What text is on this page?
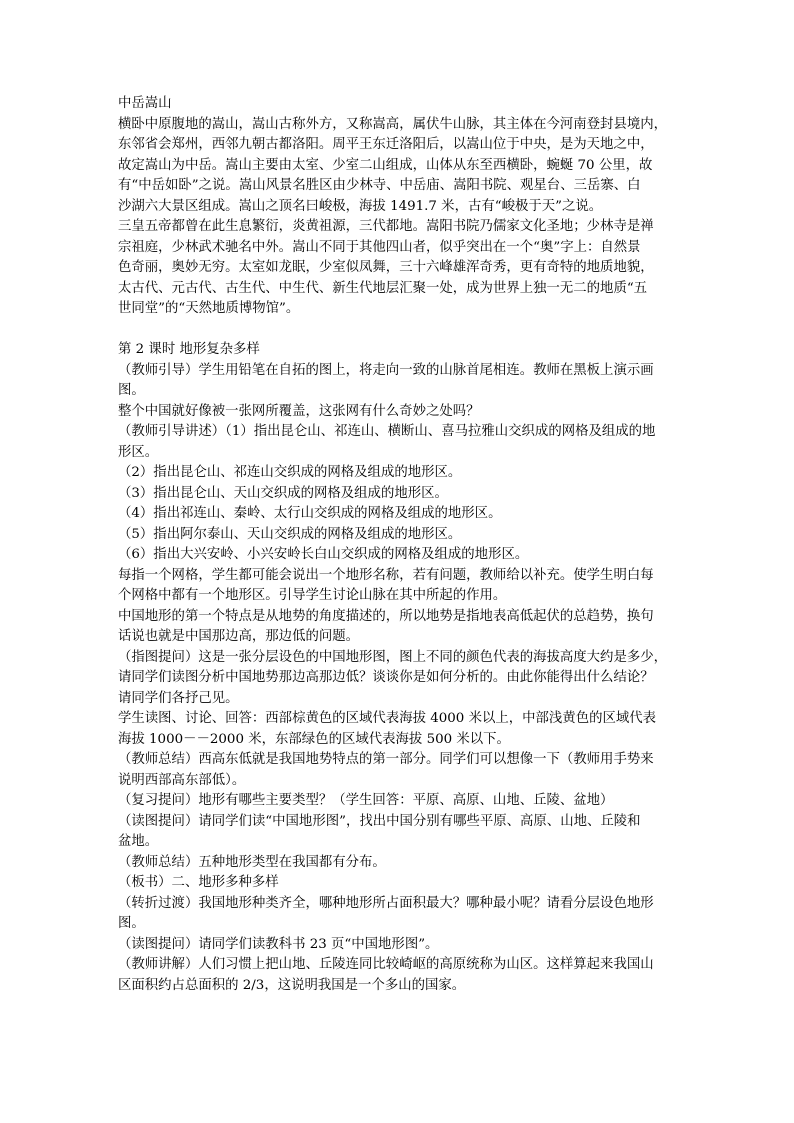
中岳嵩山
横卧中原腹地的嵩山，嵩山古称外方，又称嵩高，属伏牛山脉，其主体在今河南登封县境内，
东邻省会郑州，西邻九朝古都洛阳。周平王东迁洛阳后，以嵩山位于中央，是为天地之中，
故定嵩山为中岳。嵩山主要由太室、少室二山组成，山体从东至西横卧，蜿蜒 70 公里，故
有“中岳如卧”之说。嵩山风景名胜区由少林寺、中岳庙、嵩阳书院、观星台、三岳寨、白
沙湖六大景区组成。嵩山之顶名曰峻极，海拔 1491.7 米，古有“峻极于天”之说。
三皇五帝都曾在此生息繁衍，炎黄祖源，三代都地。嵩阳书院乃儒家文化圣地；少林寺是禅
宗祖庭，少林武术驰名中外。嵩山不同于其他四山者，似乎突出在一个“奥”字上：自然景
色奇丽，奥妙无穷。太室如龙眠，少室似凤舞，三十六峰雄浑奇秀，更有奇特的地质地貌，
太古代、元古代、古生代、中生代、新生代地层汇聚一处，成为世界上独一无二的地质“五
世同堂”的“天然地质博物馆”。
第 2 课时 地形复杂多样
（教师引导）学生用铅笔在自拓的图上，将走向一致的山脉首尾相连。教师在黑板上演示画
图。
整个中国就好像被一张网所覆盖，这张网有什么奇妙之处吗？
（教师引导讲述）（1）指出昆仑山、祁连山、横断山、喜马拉雅山交织成的网格及组成的地
形区。
（2）指出昆仑山、祁连山交织成的网格及组成的地形区。
（3）指出昆仑山、天山交织成的网格及组成的地形区。
（4）指出祁连山、秦岭、太行山交织成的网格及组成的地形区。
（5）指出阿尔泰山、天山交织成的网格及组成的地形区。
（6）指出大兴安岭、小兴安岭长白山交织成的网格及组成的地形区。
每指一个网格，学生都可能会说出一个地形名称，若有问题，教师给以补充。使学生明白每
个网格中都有一个地形区。引导学生讨论山脉在其中所起的作用。
中国地形的第一个特点是从地势的角度描述的，所以地势是指地表高低起伏的总趋势，换句
话说也就是中国那边高，那边低的问题。
（指图提问）这是一张分层设色的中国地形图，图上不同的颜色代表的海拔高度大约是多少，
请同学们读图分析中国地势那边高那边低？谈谈你是如何分析的。由此你能得出什么结论？
请同学们各抒己见。
学生读图、讨论、回答：西部棕黄色的区域代表海拔 4000 米以上，中部浅黄色的区域代表
海拔 1000－－2000 米，东部绿色的区域代表海拔 500 米以下。
（教师总结）西高东低就是我国地势特点的第一部分。同学们可以想像一下（教师用手势来
说明西部高东部低）。
（复习提问）地形有哪些主要类型？（学生回答：平原、高原、山地、丘陵、盆地）
（读图提问）请同学们读“中国地形图”，找出中国分别有哪些平原、高原、山地、丘陵和
盆地。
（教师总结）五种地形类型在我国都有分布。
（板书）二、地形多种多样
（转折过渡）我国地形种类齐全，哪种地形所占面积最大？哪种最小呢？请看分层设色地形
图。
（读图提问）请同学们读教科书 23 页“中国地形图”。
（教师讲解）人们习惯上把山地、丘陵连同比较崎岖的高原统称为山区。这样算起来我国山
区面积约占总面积的 2/3，这说明我国是一个多山的国家。
